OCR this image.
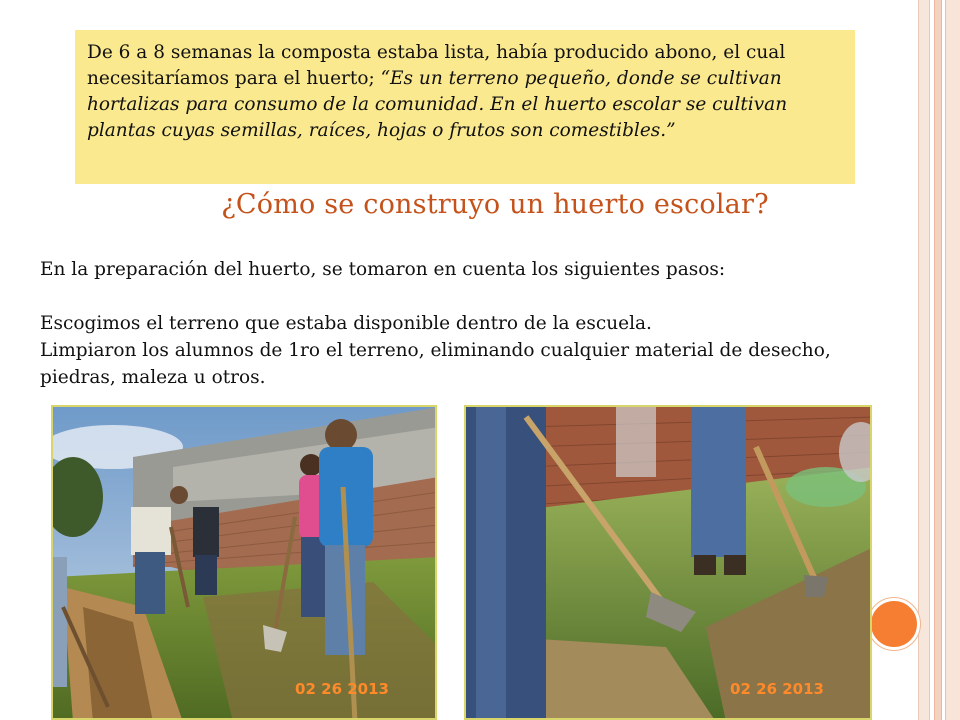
De 6 a 8 semanas la composta estaba lista, había producido abono, el cual necesitaríamos para el huerto; “Es un terreno pequeño, donde se cultivan hortalizas para consumo de la comunidad. En el huerto escolar se cultivan plantas cuyas semillas, raíces, hojas o frutos son comestibles.”
¿Cómo se construyo un huerto escolar?
En la preparación del huerto, se tomaron en cuenta los siguientes pasos:
Escogimos el terreno que estaba disponible dentro de la escuela.
Limpiaron los alumnos de 1ro el terreno, eliminando cualquier material de desecho, piedras, maleza u otros.
02 26 2013	02 26 2013
